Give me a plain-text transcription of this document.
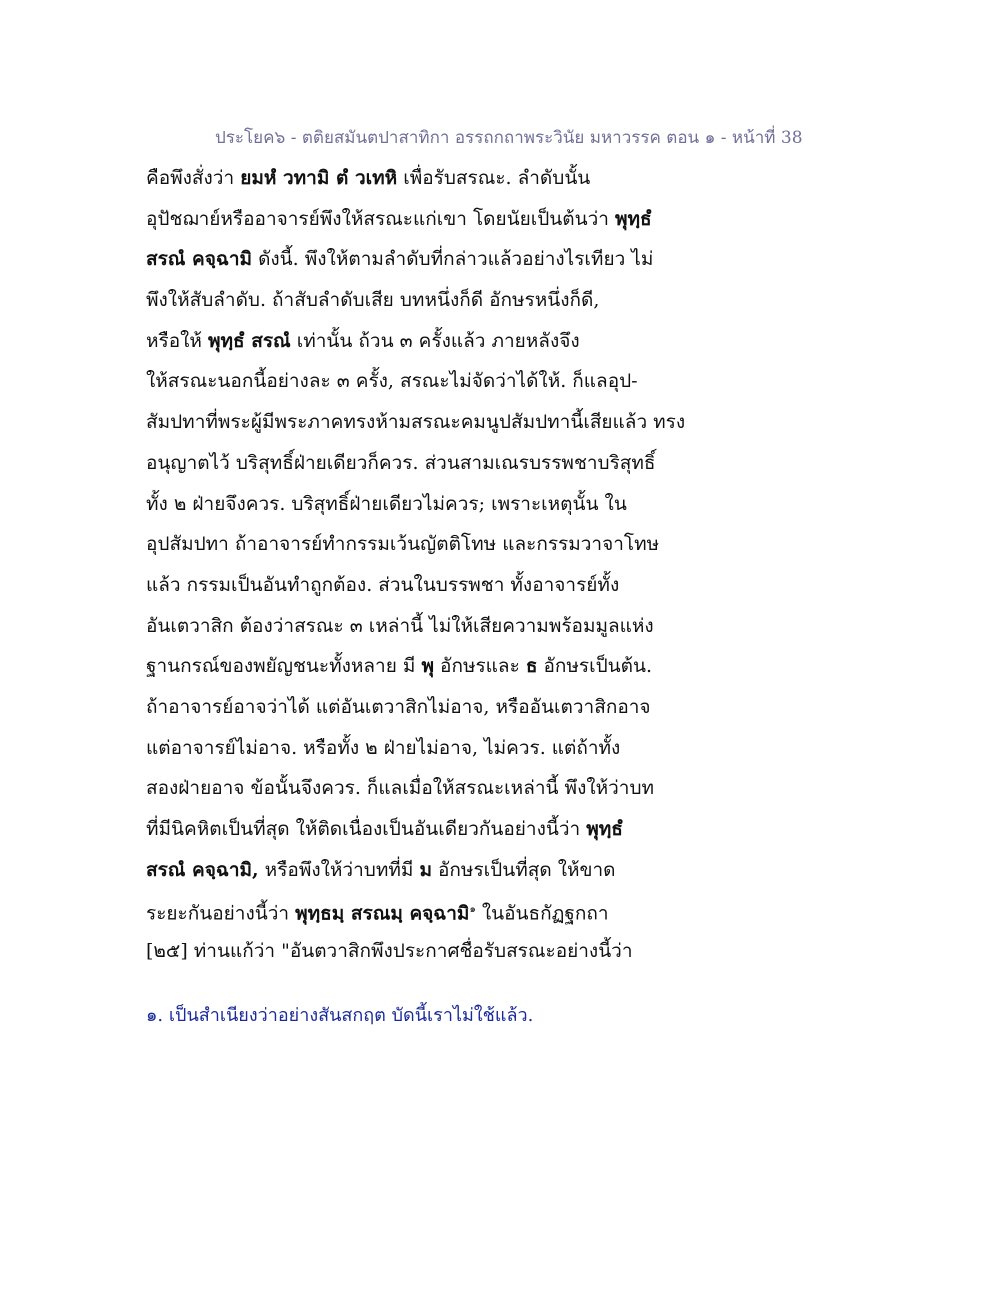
ประโยค๖ - ตติยสมันตปาสาทิกา อรรถกถาพระวินัย มหาวรรค ตอน ๑ - หน้าที่ 38
คือพึงสั่งว่า ยมหํ วทามิ ตํ วเทหิ เพื่อรับสรณะ. ลำดับนั้น
อุปัชฌาย์หรืออาจารย์พึงให้สรณะแก่เขา โดยนัยเป็นต้นว่า พุทฺธํ
สรณํ คจฺฉามิ ดังนี้. พึงให้ตามลำดับที่กล่าวแล้วอย่างไรเทียว ไม่
พึงให้สับลำดับ. ถ้าสับลำดับเสีย บทหนึ่งก็ดี อักษรหนึ่งก็ดี,
หรือให้ พุทฺธํ สรณํ เท่านั้น ถ้วน ๓ ครั้งแล้ว ภายหลังจึง
ให้สรณะนอกนี้อย่างละ ๓ ครั้ง, สรณะไม่จัดว่าได้ให้. ก็แลอุป-
สัมปทาที่พระผู้มีพระภาคทรงห้ามสรณะคมนูปสัมปทานี้เสียแล้ว ทรง
อนุญาตไว้ บริสุทธิ์ฝ่ายเดียวก็ควร. ส่วนสามเณรบรรพชาบริสุทธิ์
ทั้ง ๒ ฝ่ายจึงควร. บริสุทธิ์ฝ่ายเดียวไม่ควร; เพราะเหตุนั้น ใน
อุปสัมปทา ถ้าอาจารย์ทำกรรมเว้นญัตติโทษ และกรรมวาจาโทษ
แล้ว กรรมเป็นอันทำถูกต้อง. ส่วนในบรรพชา ทั้งอาจารย์ทั้ง
อันเตวาสิก ต้องว่าสรณะ ๓ เหล่านี้ ไม่ให้เสียความพร้อมมูลแห่ง
ฐานกรณ์ของพยัญชนะทั้งหลาย มี พุ อักษรและ ธ อักษรเป็นต้น.
ถ้าอาจารย์อาจว่าได้ แต่อันเตวาสิกไม่อาจ, หรืออันเตวาสิกอาจ
แต่อาจารย์ไม่อาจ. หรือทั้ง ๒ ฝ่ายไม่อาจ, ไม่ควร. แต่ถ้าทั้ง
สองฝ่ายอาจ ข้อนั้นจึงควร. ก็แลเมื่อให้สรณะเหล่านี้ พึงให้ว่าบท
ที่มีนิคหิตเป็นที่สุด ให้ติดเนื่องเป็นอันเดียวกันอย่างนี้ว่า พุทฺธํ
สรณํ คจฺฉามิ, หรือพึงให้ว่าบทที่มี ม อักษรเป็นที่สุด ให้ขาด
ระยะกันอย่างนี้ว่า พุทฺธมฺ สรณมฺ คจฺฉามิ$^๑$ ในอันธกัฏฐกถา
[๒๕] ท่านแก้ว่า "อันตวาสิกพึงประกาศชื่อรับสรณะอย่างนี้ว่า
๑. เป็นสำเนียงว่าอย่างสันสกฤต บัดนี้เราไม่ใช้แล้ว.
